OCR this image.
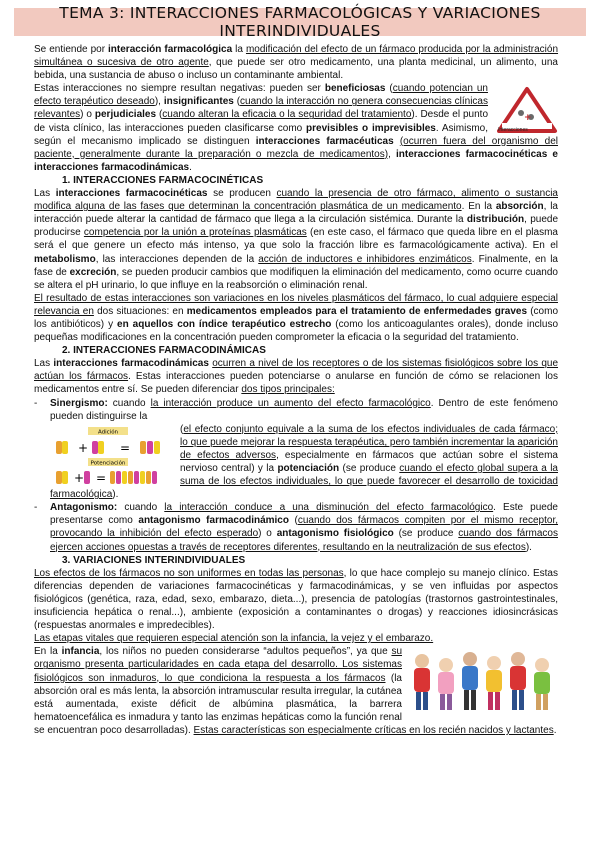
TEMA 3: INTERACCIONES FARMACOLÓGICAS Y VARIACIONES INTERINDIVIDUALES

Se entiende por interacción farmacológica la modificación del efecto de un fármaco producida por la administración simultánea o sucesiva de otro agente, que puede ser otro medicamento, una planta medicinal, un alimento, una bebida, una sustancia de abuso o incluso un contaminante ambiental.

+
Interacciones

Estas interacciones no siempre resultan negativas: pueden ser beneficiosas (cuando potencian un efecto terapéutico deseado), insignificantes (cuando la interacción no genera consecuencias clínicas relevantes) o perjudiciales (cuando alteran la eficacia o la seguridad del tratamiento). Desde el punto de vista clínico, las interacciones pueden clasificarse como previsibles o imprevisibles. Asimismo, según el mecanismo implicado se distinguen interacciones farmacéuticas (ocurren fuera del organismo del paciente, generalmente durante la preparación o mezcla de medicamentos), interacciones farmacocinéticas e interacciones farmacodinámicas.

1. INTERACCIONES FARMACOCINÉTICAS

Las interacciones farmacocinéticas se producen cuando la presencia de otro fármaco, alimento o sustancia modifica alguna de las fases que determinan la concentración plasmática de un medicamento. En la absorción, la interacción puede alterar la cantidad de fármaco que llega a la circulación sistémica. Durante la distribución, puede producirse competencia por la unión a proteínas plasmáticas (en este caso, el fármaco que queda libre en el plasma será el que genere un efecto más intenso, ya que solo la fracción libre es farmacológicamente activa). En el metabolismo, las interacciones dependen de la acción de inductores e inhibidores enzimáticos. Finalmente, en la fase de excreción, se pueden producir cambios que modifiquen la eliminación del medicamento, como ocurre cuando se altera el pH urinario, lo que influye en la reabsorción o eliminación renal.

El resultado de estas interacciones son variaciones en los niveles plasmáticos del fármaco, lo cual adquiere especial relevancia en dos situaciones: en medicamentos empleados para el tratamiento de enfermedades graves (como los antibióticos) y en aquellos con índice terapéutico estrecho (como los anticoagulantes orales), donde incluso pequeñas modificaciones en la concentración pueden comprometer la eficacia o la seguridad del tratamiento.

2. INTERACCIONES FARMACODINÁMICAS

Las interacciones farmacodinámicas ocurren a nivel de los receptores o de los sistemas fisiológicos sobre los que actúan los fármacos. Estas interacciones pueden potenciarse o anularse en función de cómo se relacionen los medicamentos entre sí. Se pueden diferenciar dos tipos principales:

- Sinergismo: cuando la interacción produce un aumento del efecto farmacológico. Dentro de este fenómeno pueden distinguirse la

Adición
+	=
Potenciación
+ =

(el efecto conjunto equivale a la suma de los efectos individuales de cada fármaco; lo que puede mejorar la respuesta terapéutica, pero también incrementar la aparición de efectos adversos, especialmente en fármacos que actúan sobre el sistema nervioso central) y la potenciación (se produce cuando el efecto global supera a la suma de los efectos individuales, lo que puede favorecer el desarrollo de toxicidad farmacológica).

- Antagonismo: cuando la interacción conduce a una disminución del efecto farmacológico. Este puede presentarse como antagonismo farmacodinámico (cuando dos fármacos compiten por el mismo receptor, provocando la inhibición del efecto esperado) o antagonismo fisiológico (se produce cuando dos fármacos ejercen acciones opuestas a través de receptores diferentes, resultando en la neutralización de sus efectos).

3. VARIACIONES INTERINDIVIDUALES

Los efectos de los fármacos no son uniformes en todas las personas, lo que hace complejo su manejo clínico. Estas diferencias dependen de variaciones farmacocinéticas y farmacodinámicas, y se ven influidas por aspectos fisiológicos (genética, raza, edad, sexo, embarazo, dieta...), presencia de patologías (trastornos gastrointestinales, insuficiencia hepática o renal...), ambiente (exposición a contaminantes o drogas) y reacciones idiosincrásicas (respuestas anormales e impredecibles).

Las etapas vitales que requieren especial atención son la infancia, la vejez y el embarazo.

En la infancia, los niños no pueden considerarse “adultos pequeños”, ya que su organismo presenta particularidades en cada etapa del desarrollo. Los sistemas fisiológicos son inmaduros, lo que condiciona la respuesta a los fármacos (la absorción oral es más lenta, la absorción intramuscular resulta irregular, la cutánea está aumentada, existe déficit de albúmina plasmática, la barrera hematoencefálica es inmadura y tanto las enzimas hepáticas como la función renal se encuentran poco desarrolladas). Estas características son especialmente críticas en los recién nacidos y lactantes.
